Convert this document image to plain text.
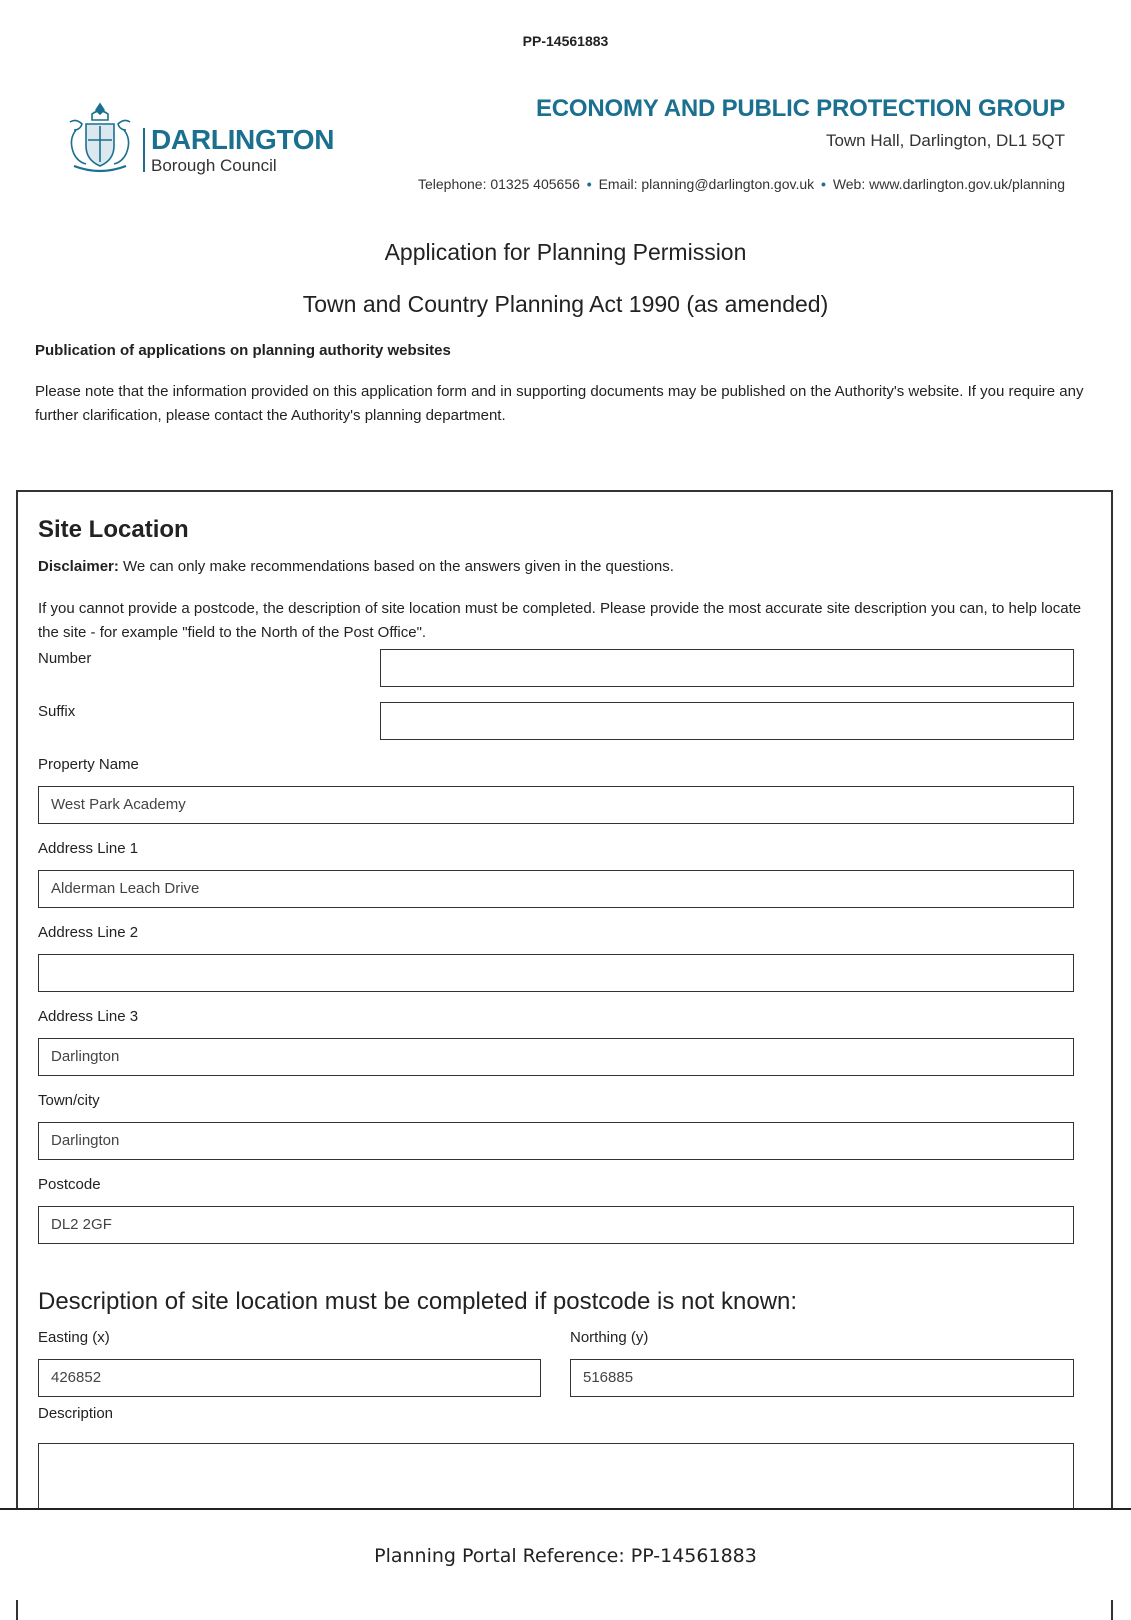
PP-14561883
DARLINGTON
Borough Council
ECONOMY AND PUBLIC PROTECTION GROUP
Town Hall, Darlington, DL1 5QT
Telephone: 01325 405656 • Email: planning@darlington.gov.uk • Web: www.darlington.gov.uk/planning
Application for Planning Permission
Town and Country Planning Act 1990 (as amended)
Publication of applications on planning authority websites
Please note that the information provided on this application form and in supporting documents may be published on the Authority's website. If you require any further clarification, please contact the Authority's planning department.
Site Location
Disclaimer: We can only make recommendations based on the answers given in the questions.
If you cannot provide a postcode, the description of site location must be completed. Please provide the most accurate site description you can, to help locate the site - for example "field to the North of the Post Office".
Number
Suffix
Property Name
West Park Academy
Address Line 1
Alderman Leach Drive
Address Line 2
Address Line 3
Darlington
Town/city
Darlington
Postcode
DL2 2GF
Description of site location must be completed if postcode is not known:
Easting (x)
426852
Northing (y)
516885
Description
Planning Portal Reference: PP-14561883
